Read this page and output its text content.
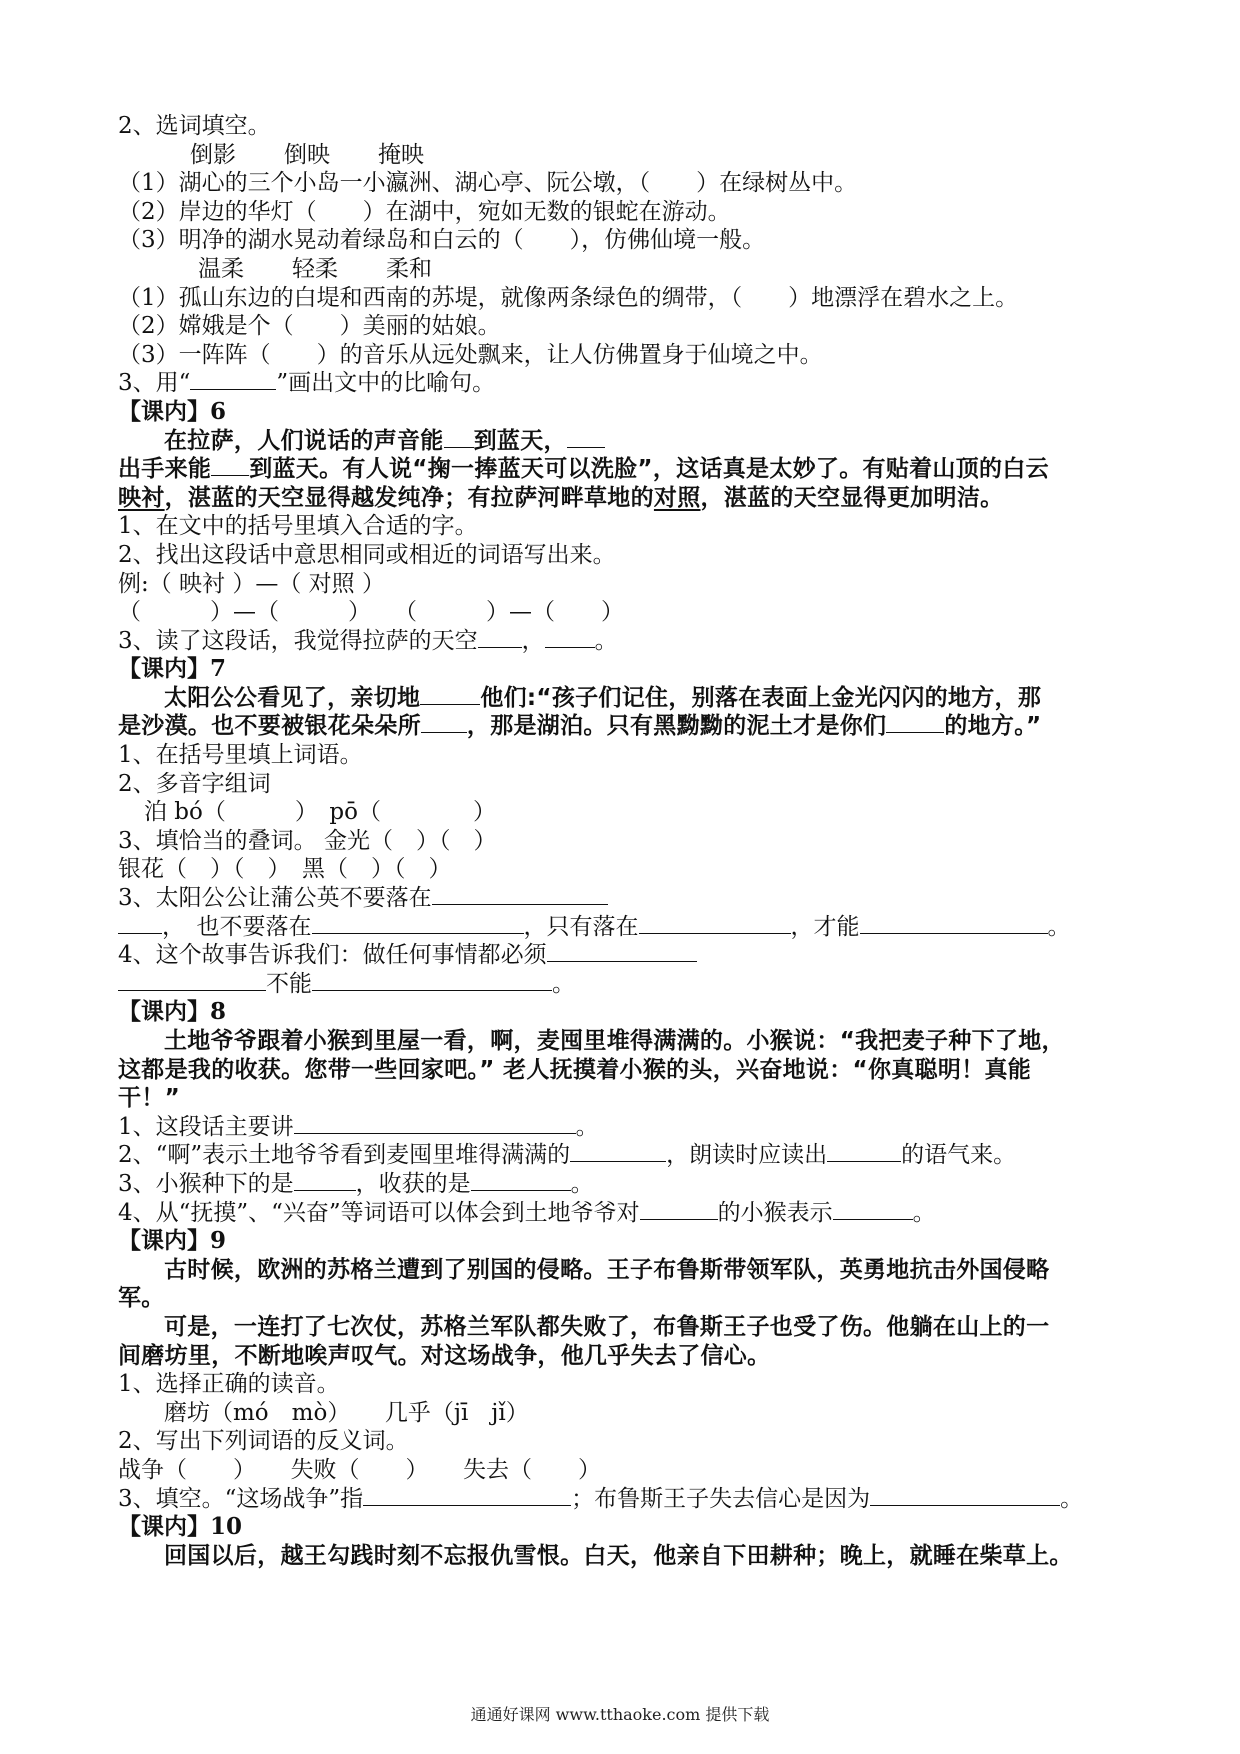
2、选词填空。
倒影 倒映 掩映
（1）湖心的三个小岛一小瀛洲、湖心亭、阮公墩，（　　）在绿树丛中。
（2）岸边的华灯（　　）在湖中，宛如无数的银蛇在游动。
（3）明净的湖水晃动着绿岛和白云的（　　），仿佛仙境一般。
温柔 轻柔 柔和
（1）孤山东边的白堤和西南的苏堤，就像两条绿色的绸带，（　　）地漂浮在碧水之上。
（2）嫦娥是个（　　）美丽的姑娘。
（3）一阵阵（　　）的音乐从远处飘来，让人仿佛置身于仙境之中。
3、用“	”画出文中的比喻句。
【课内】6
在拉萨，人们说话的声音能 到蓝天，
出手来能 到蓝天。有人说“掬一捧蓝天可以洗脸”，这话真是太妙了。有贴着山顶的白云
映衬，湛蓝的天空显得越发纯净；有拉萨河畔草地的对照，湛蓝的天空显得更加明洁。
1、在文中的括号里填入合适的字。
2、找出这段话中意思相同或相近的词语写出来。
例:（ 映衬 ）—（ 对照 ）
（　　　）—（　　　）　　（　　　）—（　　）
3、读了这段话，我觉得拉萨的天空 ， 。
【课内】7
太阳公公看见了，亲切地	他们:“孩子们记住，别落在表面上金光闪闪的地方，那
是沙漠。也不要被银花朵朵所 ，那是湖泊。只有黑黝黝的泥土才是你们	的地方。”
1、在括号里填上词语。
2、多音字组词
泊 bó（　　　）　pō（　　　　）
3、填恰当的叠词。 金光（　）（　）
银花（　）（　）　黑（　）（　）
3、太阳公公让蒲公英不要落在
，　也不要落在	，只有落在	，才能	。
4、这个故事告诉我们：做任何事情都必须
不能	。
【课内】8
土地爷爷跟着小猴到里屋一看，啊，麦囤里堆得满满的。小猴说：“我把麦子种下了地，
这都是我的收获。您带一些回家吧。” 老人抚摸着小猴的头，兴奋地说：“你真聪明！真能
干！”
1、这段话主要讲	。
2、“啊”表示土地爷爷看到麦囤里堆得满满的	，朗读时应读出	的语气来。
3、小猴种下的是	，收获的是	。
4、从“抚摸”、“兴奋”等词语可以体会到土地爷爷对	的小猴表示	。
【课内】9
古时候，欧洲的苏格兰遭到了别国的侵略。王子布鲁斯带领军队，英勇地抗击外国侵略
军。
可是，一连打了七次仗，苏格兰军队都失败了，布鲁斯王子也受了伤。他躺在山上的一
间磨坊里，不断地唉声叹气。对这场战争，他几乎失去了信心。
1、选择正确的读音。
磨坊（mó　mò）　　几乎（jī　jǐ）
2、写出下列词语的反义词。
战争（　　）　　失败（　　）　　失去（　　）
3、填空。“这场战争”指	；布鲁斯王子失去信心是因为	。
【课内】10
回国以后，越王勾践时刻不忘报仇雪恨。白天，他亲自下田耕种；晚上，就睡在柴草上。
通通好课网 www.tthaoke.com 提供下载
